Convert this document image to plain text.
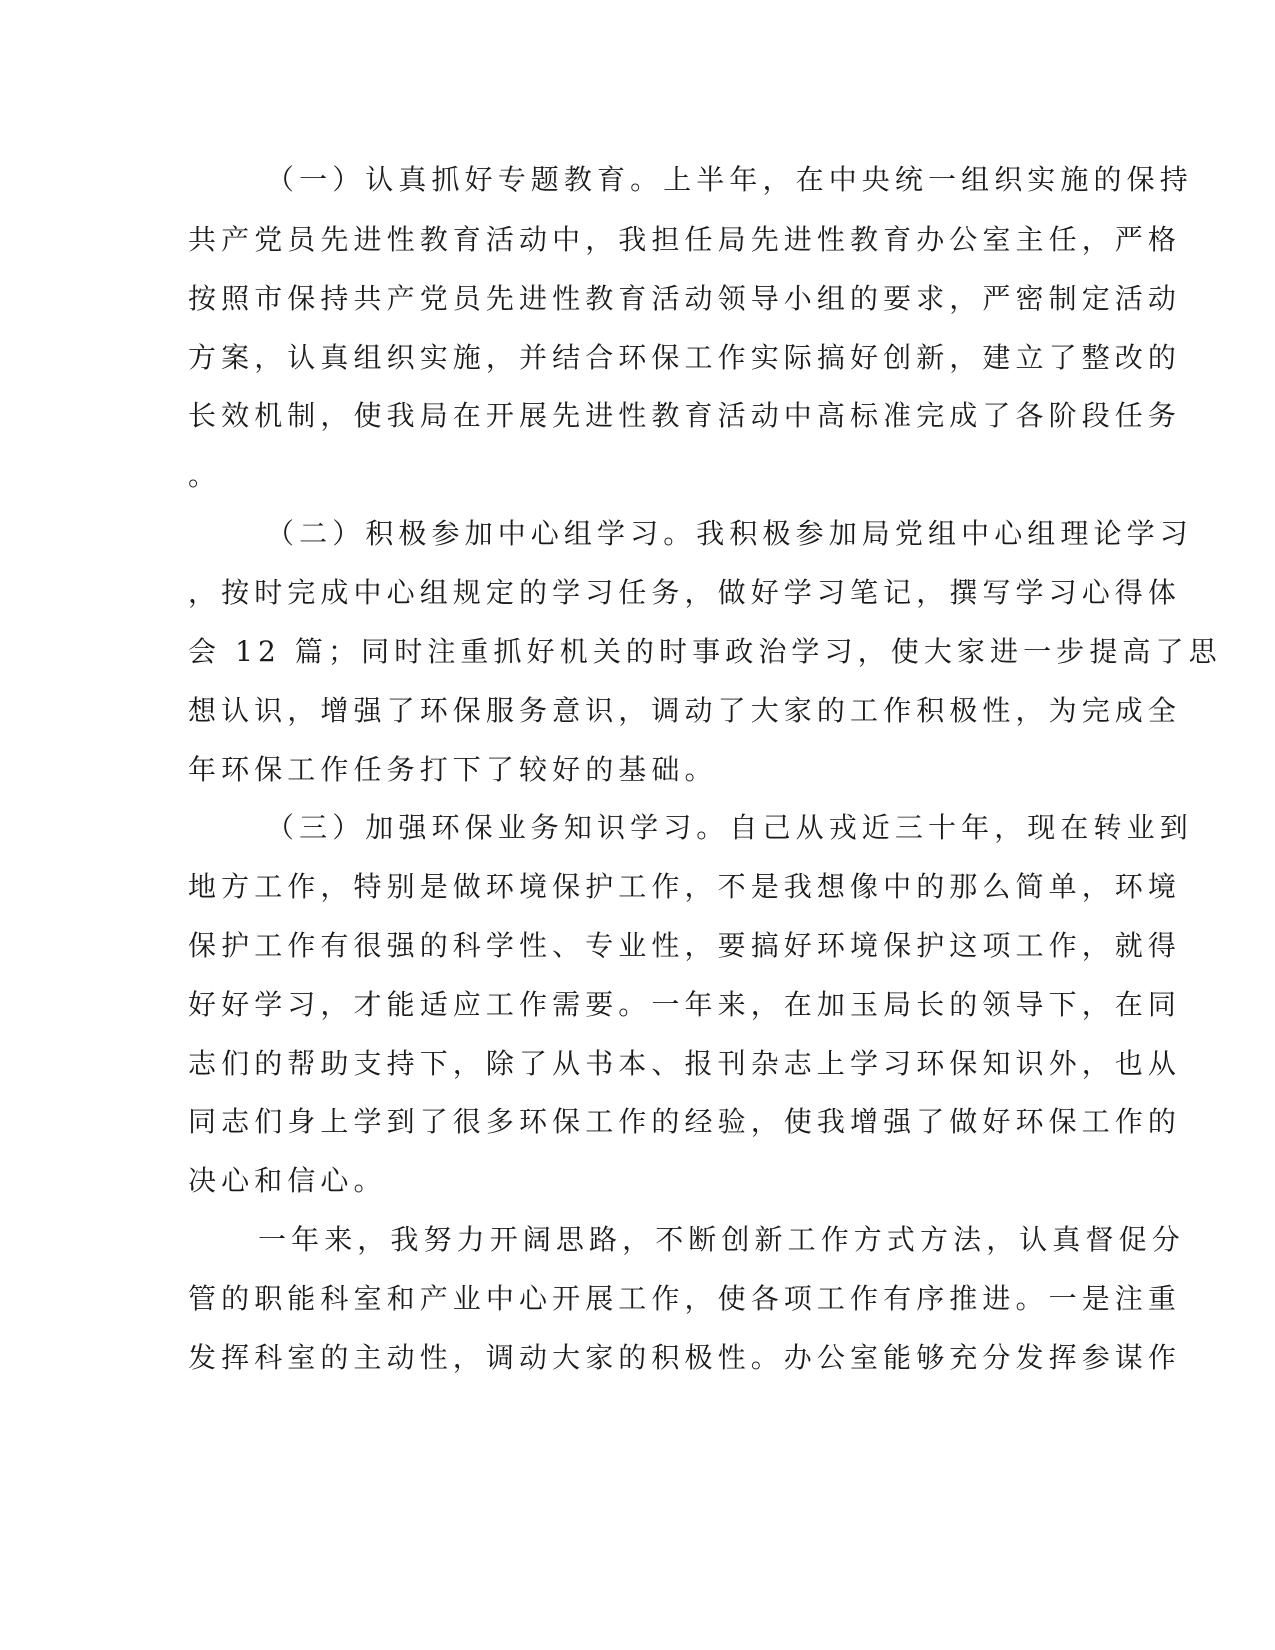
（一）认真抓好专题教育。上半年，在中央统一组织实施的保持
共产党员先进性教育活动中，我担任局先进性教育办公室主任，严格
按照市保持共产党员先进性教育活动领导小组的要求，严密制定活动
方案，认真组织实施，并结合环保工作实际搞好创新，建立了整改的
长效机制，使我局在开展先进性教育活动中高标准完成了各阶段任务
。
（二）积极参加中心组学习。我积极参加局党组中心组理论学习
，按时完成中心组规定的学习任务，做好学习笔记，撰写学习心得体
会 12 篇；同时注重抓好机关的时事政治学习，使大家进一步提高了思
想认识，增强了环保服务意识，调动了大家的工作积极性，为完成全
年环保工作任务打下了较好的基础。
（三）加强环保业务知识学习。自己从戎近三十年，现在转业到
地方工作，特别是做环境保护工作，不是我想像中的那么简单，环境
保护工作有很强的科学性、专业性，要搞好环境保护这项工作，就得
好好学习，才能适应工作需要。一年来，在加玉局长的领导下，在同
志们的帮助支持下，除了从书本、报刊杂志上学习环保知识外，也从
同志们身上学到了很多环保工作的经验，使我增强了做好环保工作的
决心和信心。
一年来，我努力开阔思路，不断创新工作方式方法，认真督促分
管的职能科室和产业中心开展工作，使各项工作有序推进。一是注重
发挥科室的主动性，调动大家的积极性。办公室能够充分发挥参谋作
